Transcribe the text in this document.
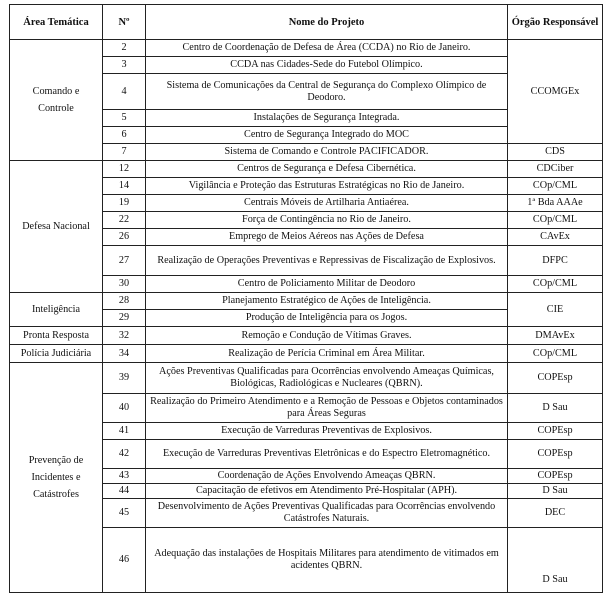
Área Temática	Nº	Nome do Projeto	Órgão Responsável
Comando e Controle	2	Centro de Coordenação de Defesa de Área (CCDA) no Rio de Janeiro.	CCOMGEx
	3	CCDA nas Cidades-Sede do Futebol Olímpico.	
	4	Sistema de Comunicações da Central de Segurança do Complexo Olímpico de Deodoro.	
	5	Instalações de Segurança Integrada.	
	6	Centro de Segurança Integrado do MOC	
	7	Sistema de Comando e Controle PACIFICADOR.	CDS
Defesa Nacional	12	Centros de Segurança e Defesa Cibernética.	CDCiber
	14	Vigilância e Proteção das Estruturas Estratégicas no Rio de Janeiro.	COp/CML
	19	Centrais Móveis de Artilharia Antiaérea.	1ª Bda AAAe
	22	Força de Contingência no Rio de Janeiro.	COp/CML
	26	Emprego de Meios Aéreos nas Ações de Defesa	CAvEx
	27	Realização de Operações Preventivas e Repressivas de Fiscalização de Explosivos.	DFPC
	30	Centro de Policiamento Militar de Deodoro	COp/CML
Inteligência	28	Planejamento Estratégico de Ações de Inteligência.	CIE
	29	Produção de Inteligência para os Jogos.	
Pronta Resposta	32	Remoção e Condução de Vítimas Graves.	DMAvEx
Polícia Judiciária	34	Realização de Perícia Criminal em Área Militar.	COp/CML
Prevenção de Incidentes e Catástrofes	39	Ações Preventivas Qualificadas para Ocorrências envolvendo Ameaças Químicas, Biológicas, Radiológicas e Nucleares (QBRN).	COPEsp
	40	Realização do Primeiro Atendimento e a Remoção de Pessoas e Objetos contaminados para Áreas Seguras	D Sau
	41	Execução de Varreduras Preventivas de Explosivos.	COPEsp
	42	Execução de Varreduras Preventivas Eletrônicas e do Espectro Eletromagnético.	COPEsp
	43	Coordenação de Ações Envolvendo Ameaças QBRN.	COPEsp
	44	Capacitação de efetivos em Atendimento Pré-Hospitalar (APH).	D Sau
	45	Desenvolvimento de Ações Preventivas Qualificadas para Ocorrências envolvendo Catástrofes Naturais.	DEC
	46	Adequação das instalações de Hospitais Militares para atendimento de vitimados em acidentes QBRN.	D Sau
